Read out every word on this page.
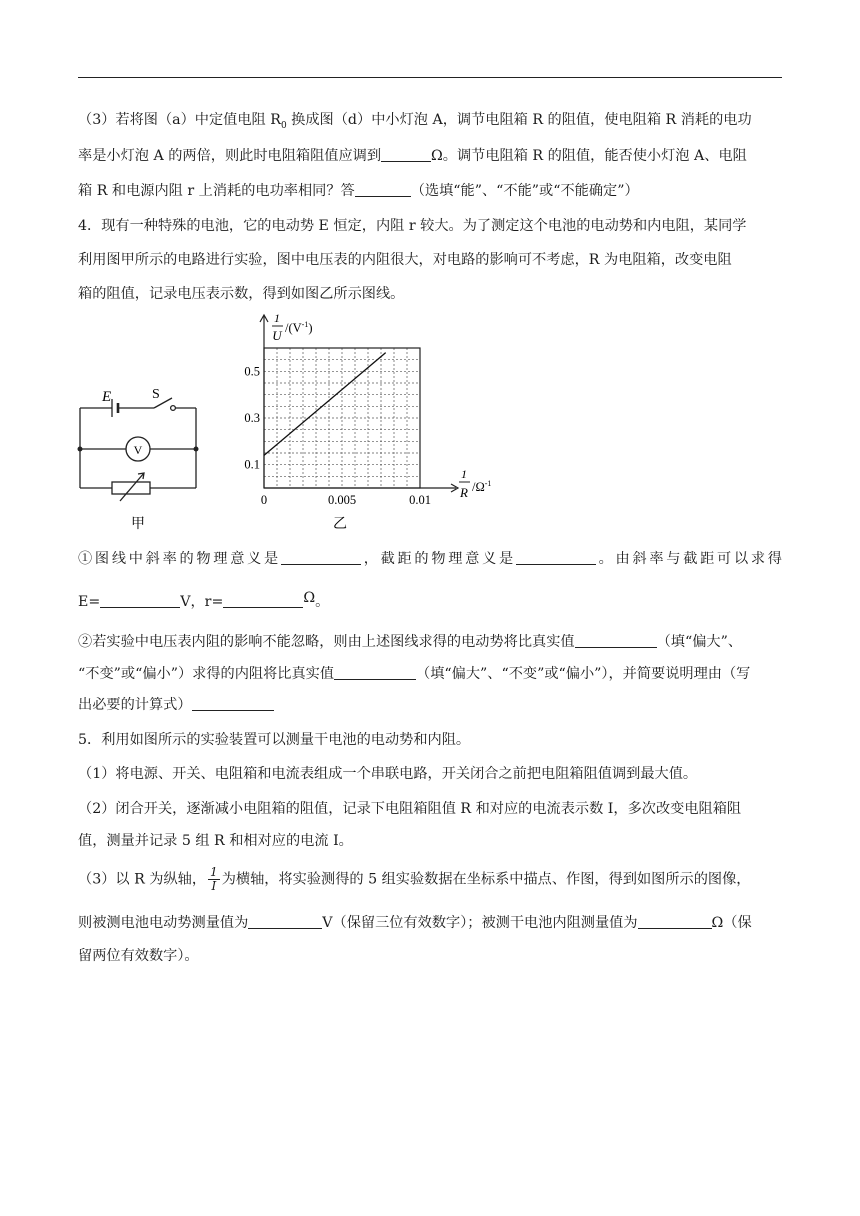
（3）若将图（a）中定值电阻 $R_0$ 换成图（d）中小灯泡 A，调节电阻箱 R 的阻值，使电阻箱 R 消耗的电功
率是小灯泡 A 的两倍，则此时电阻箱阻值应调到	Ω。调节电阻箱 R 的阻值，能否使小灯泡 A、电阻
箱 R 和电源内阻 r 上消耗的电功率相同？答	（选填“能”、“不能”或“不能确定”）
4．现有一种特殊的电池，它的电动势 E 恒定，内阻 r 较大。为了测定这个电池的电动势和内电阻，某同学
利用图甲所示的电路进行实验，图中电压表的内阻很大，对电路的影响可不考虑，R 为电阻箱，改变电阻
箱的阻值，记录电压表示数，得到如图乙所示图线。
E	S
V
甲
0.1
0.3
0.5
0	0.005	0.01
1
U $/(V^{-1})$
1
R $/\Omega^{-1}$
乙
①图线中斜率的物理意义是	，截距的物理意义是	。由斜率与截距可以求得
E=	V，r=	Ω。
②若实验中电压表内阻的影响不能忽略，则由上述图线求得的电动势将比真实值	（填“偏大”、
“不变”或“偏小”）求得的内阻将比真实值	（填“偏大”、“不变”或“偏小”），并简要说明理由（写
出必要的计算式）
5．利用如图所示的实验装置可以测量干电池的电动势和内阻。
（1）将电源、开关、电阻箱和电流表组成一个串联电路，开关闭合之前把电阻箱阻值调到最大值。
（2）闭合开关，逐渐减小电阻箱的阻值，记录下电阻箱阻值 R 和对应的电流表示数 I，多次改变电阻箱阻
值，测量并记录 5 组 R 和相对应的电流 I。
（3）以 R 为纵轴， $\frac{1}{I}$ 为横轴，将实验测得的 5 组实验数据在坐标系中描点、作图，得到如图所示的图像，
则被测电池电动势测量值为	V（保留三位有效数字）；被测干电池内阻测量值为	Ω（保
留两位有效数字）。
